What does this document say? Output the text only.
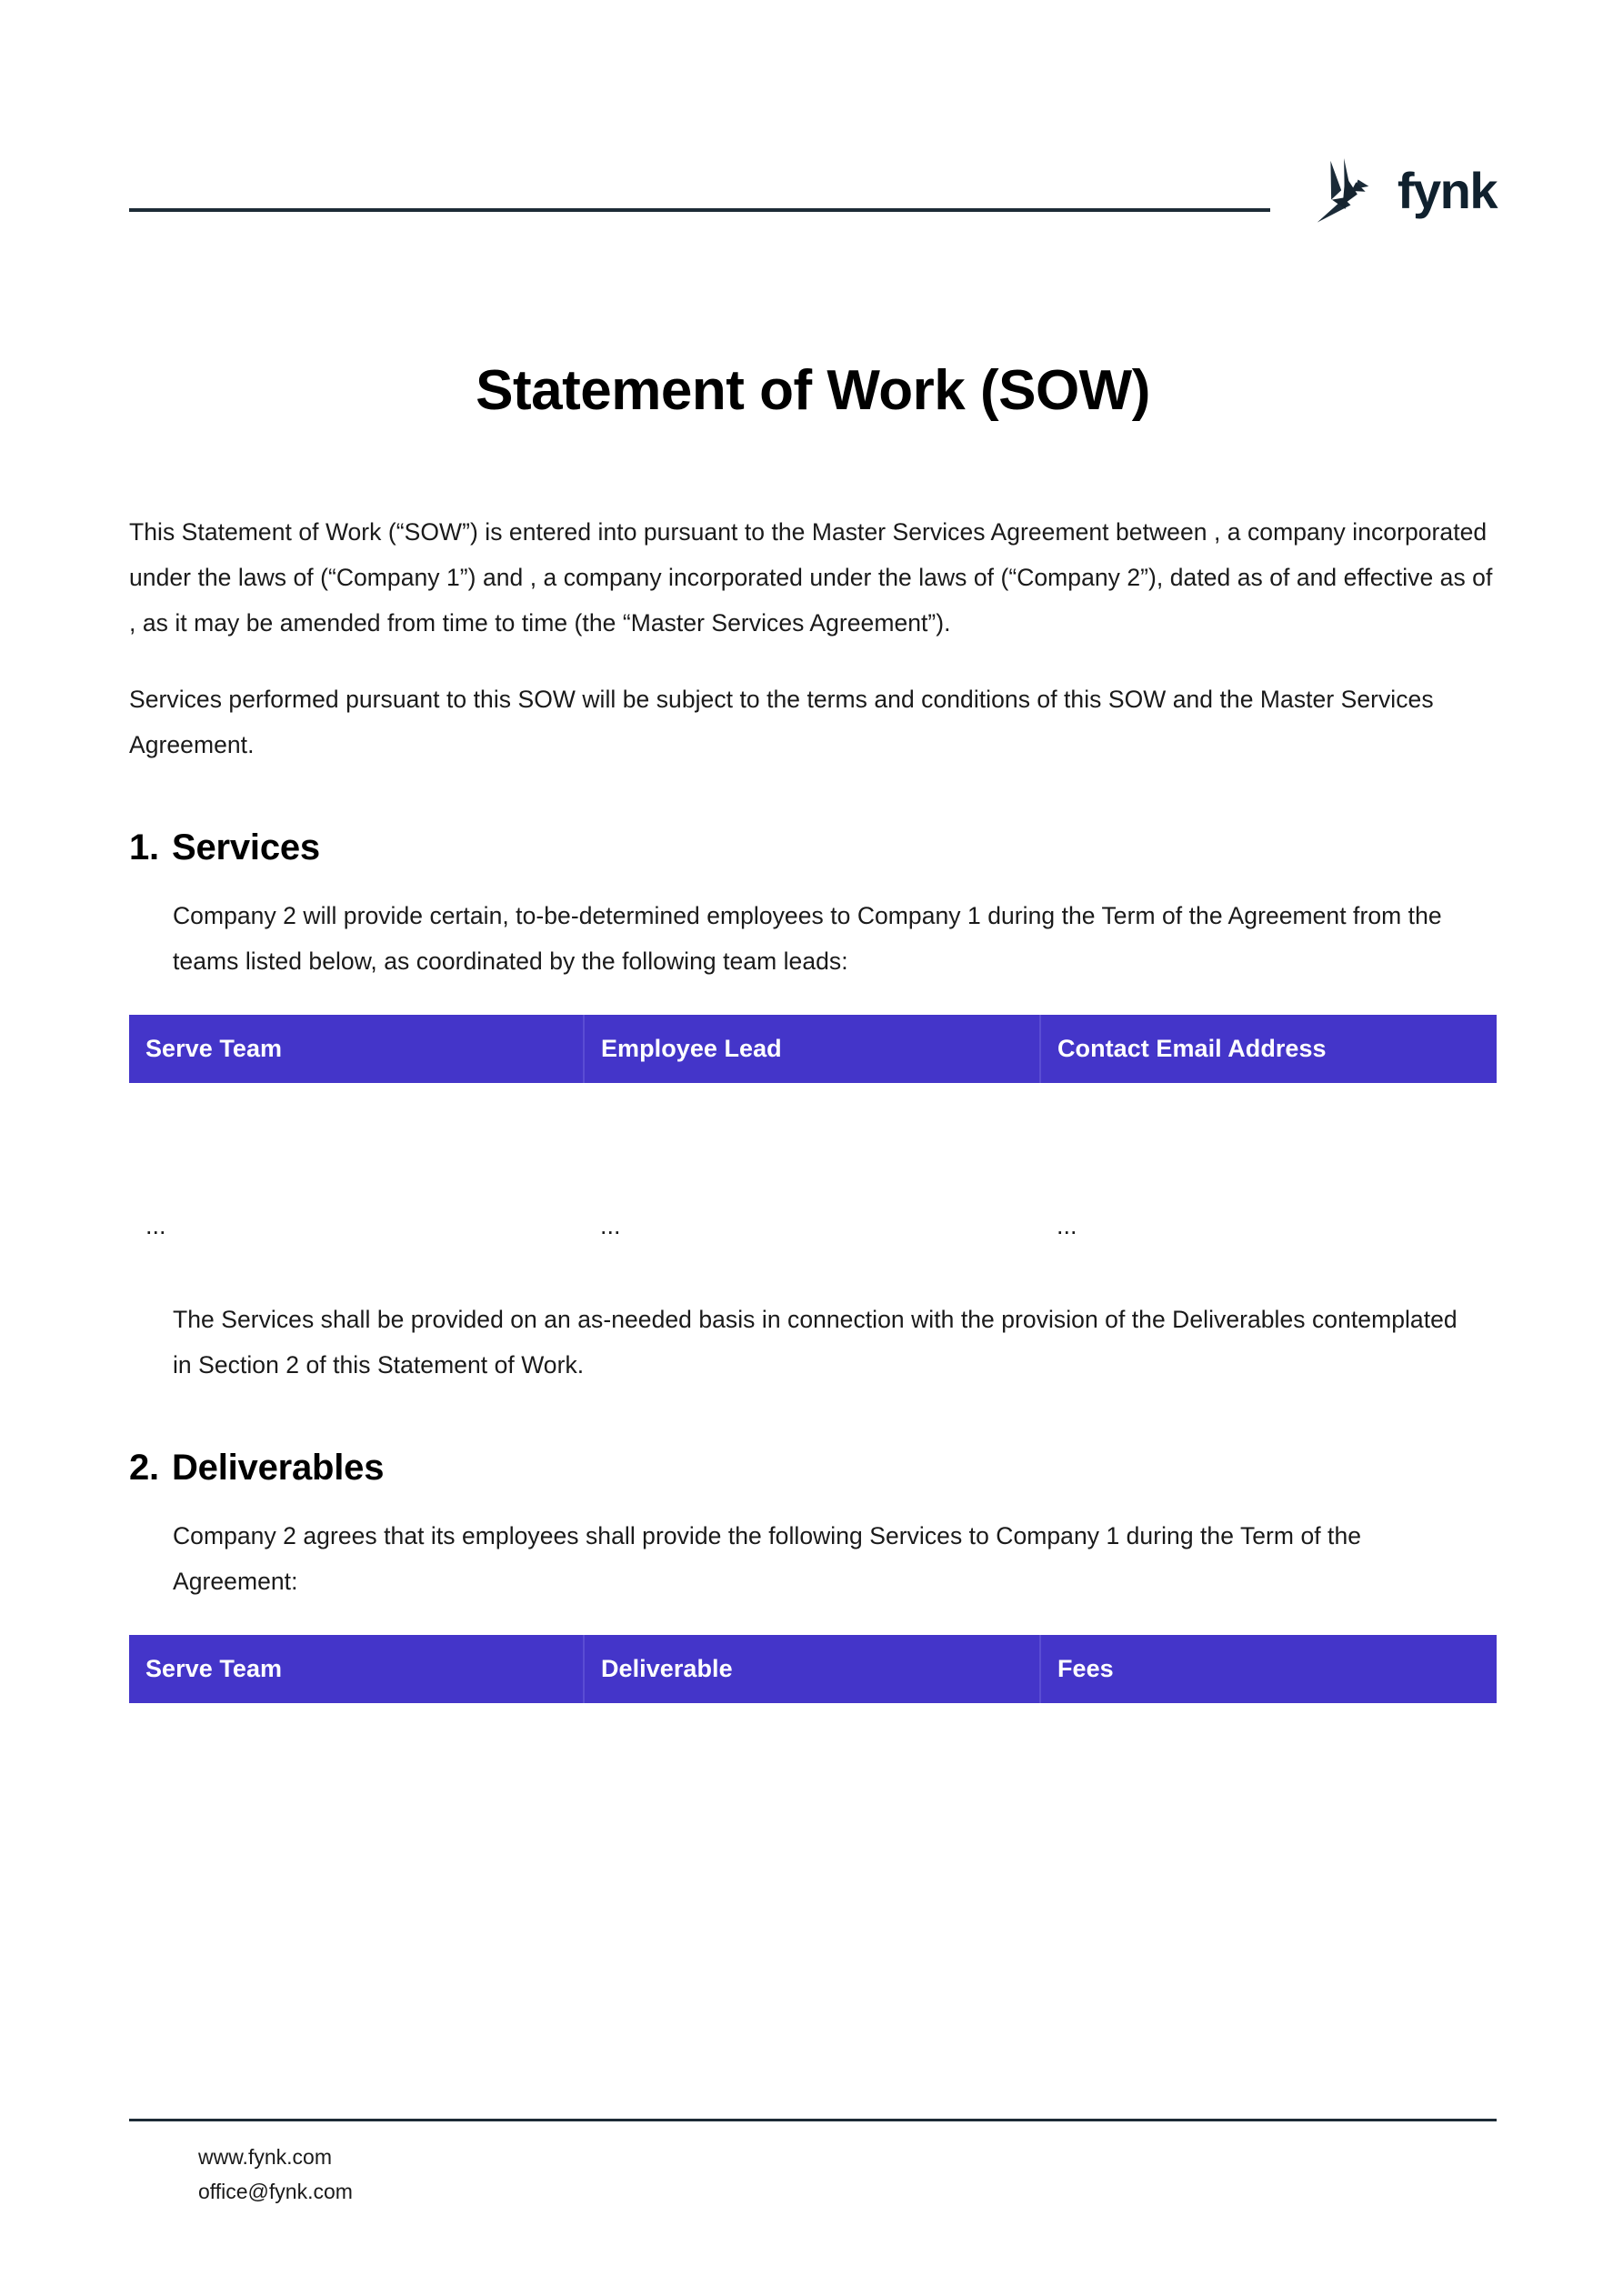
fynk
Statement of Work (SOW)

This Statement of Work (“SOW”) is entered into pursuant to the Master Services Agreement between , a company incorporated under the laws of (“Company 1”) and , a company incorporated under the laws of (“Company 2”), dated as of and effective as of , as it may be amended from time to time (the “Master Services Agreement”).

Services performed pursuant to this SOW will be subject to the terms and conditions of this SOW and the Master Services Agreement.

1. Services

Company 2 will provide certain, to-be-determined employees to Company 1 during the Term of the Agreement from the teams listed below, as coordinated by the following team leads:

Serve Team	Employee Lead	Contact Email Address

...	...	...

The Services shall be provided on an as-needed basis in connection with the provision of the Deliverables contemplated in Section 2 of this Statement of Work.

2. Deliverables

Company 2 agrees that its employees shall provide the following Services to Company 1 during the Term of the Agreement:

Serve Team	Deliverable	Fees
www.fynk.com
office@fynk.com
